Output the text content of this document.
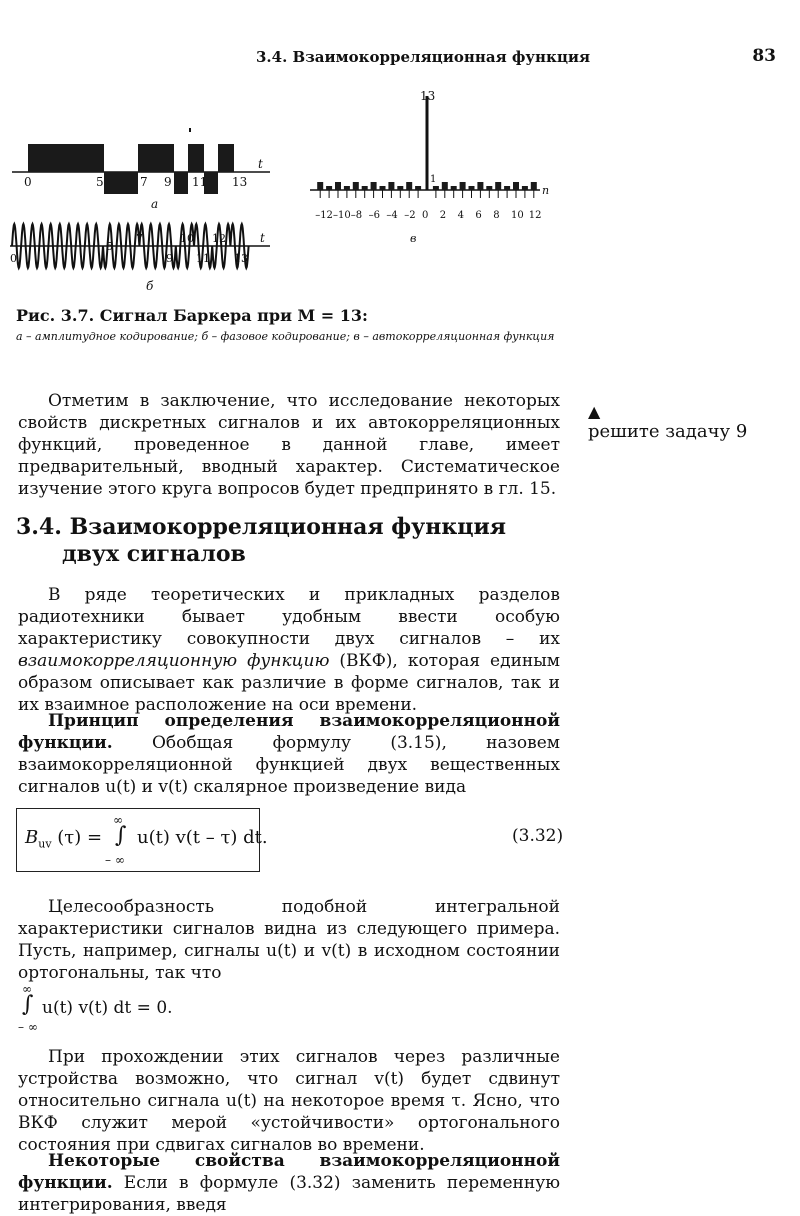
3.4. Взаимокорреляционная функция	83
t
0	5	7 9 11 13
а
t
0
5
7
9
10
11
12
13
б
13
1
n
–12 –10 –8 –6 –4 –2 0 2 4 6 8 10 12
в
Рис. 3.7. Сигнал Баркера при М = 13:
а – амплитудное кодирование; б – фазовое кодирование; в – автокорреляционная функция

Отметим в заключение, что исследование некоторых свойств дискретных сигналов и их автокорреляционных функций, проведенное в данной главе, имеет предварительный, вводный характер. Систематическое изучение этого круга вопросов будет предпринято в гл. 15.

▲
решите задачу 9
3.4. Взаимокорреляционная функция
двух сигналов

В ряде теоретических и прикладных разделов радиотехники бывает удобным ввести особую характеристику совокупности двух сигналов – их взаимокорреляционную функцию (ВКФ), которая единым образом описывает как различие в форме сигналов, так и их взаимное расположение на оси времени.

Принцип определения взаимокорреляционной функции. Обобщая формулу (3.15), назовем взаимокорреляционной функцией двух вещественных сигналов u(t) и v(t) скалярное произведение вида

$B_{uv}$ (τ) =
∞
∫
– ∞
u(t) v(t – τ) dt.	(3.32)

Целесообразность подобной интегральной характеристики сигналов видна из следующего примера. Пусть, например, сигналы u(t) и v(t) в исходном состоянии ортогональны, так что

∞
∫
– ∞
u(t) v(t) dt = 0.

При прохождении этих сигналов через различные устройства возможно, что сигнал v(t) будет сдвинут относительно сигнала u(t) на некоторое время τ. Ясно, что ВКФ служит мерой «устойчивости» ортогонального состояния при сдвигах сигналов во времени.

Некоторые свойства взаимокорреляционной функции. Если в формуле (3.32) заменить переменную интегрирования, введя
